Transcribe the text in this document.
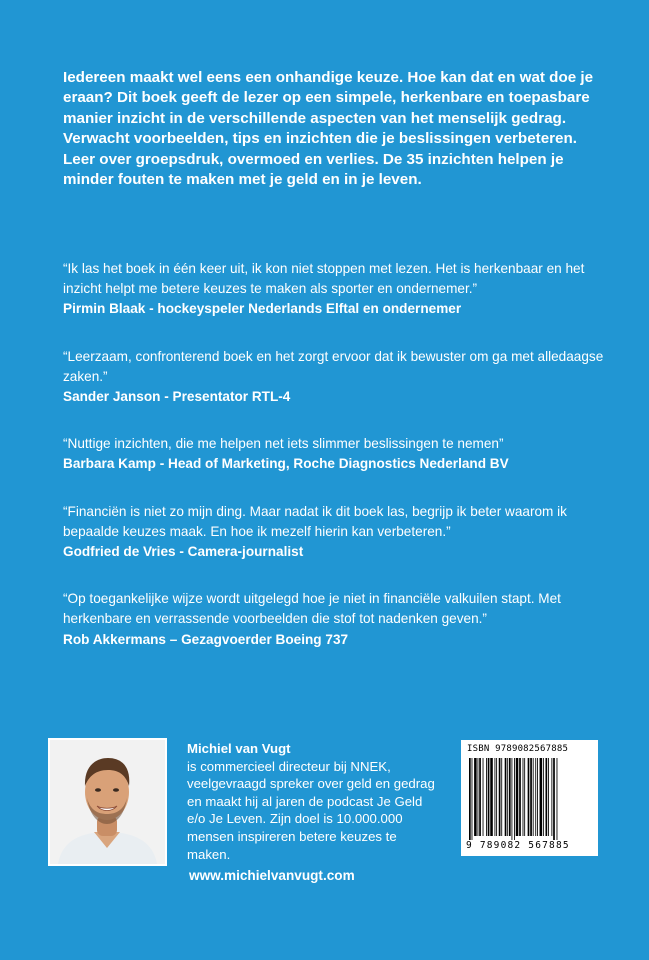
Iedereen maakt wel eens een onhandige keuze. Hoe kan dat en wat doe je eraan? Dit boek geeft de lezer op een simpele, herkenbare en toepasbare manier inzicht in de verschillende aspecten van het menselijk gedrag.

Verwacht voorbeelden, tips en inzichten die je beslissingen verbeteren. Leer over groepsdruk, overmoed en verlies. De 35 inzichten helpen je minder fouten te maken met je geld en in je leven.

“Ik las het boek in één keer uit, ik kon niet stoppen met lezen. Het is herkenbaar en het inzicht helpt me betere keuzes te maken als sporter en ondernemer.”

Pirmin Blaak - hockeyspeler Nederlands Elftal en ondernemer

“Leerzaam, confronterend boek en het zorgt ervoor dat ik bewuster om ga met alledaagse zaken.”

Sander Janson - Presentator RTL-4

“Nuttige inzichten, die me helpen net iets slimmer beslissingen te nemen”

Barbara Kamp - Head of Marketing, Roche Diagnostics Nederland BV

“Financiën is niet zo mijn ding. Maar nadat ik dit boek las, begrijp ik beter waarom ik bepaalde keuzes maak. En hoe ik mezelf hierin kan verbeteren.”

Godfried de Vries - Camera-journalist

“Op toegankelijke wijze wordt uitgelegd hoe je niet in financiële valkuilen stapt. Met herkenbare en verrassende voorbeelden die stof tot nadenken geven.”

Rob Akkermans – Gezagvoerder Boeing 737

Michiel van Vugt

is commercieel directeur bij NNEK, veelgevraagd spreker over geld en gedrag en maakt hij al jaren de podcast Je Geld e/o Je Leven. Zijn doel is 10.000.000 mensen inspireren betere keuzes te maken.

www.michielvanvugt.com
ISBN 9789082567885
9 789082 567885
